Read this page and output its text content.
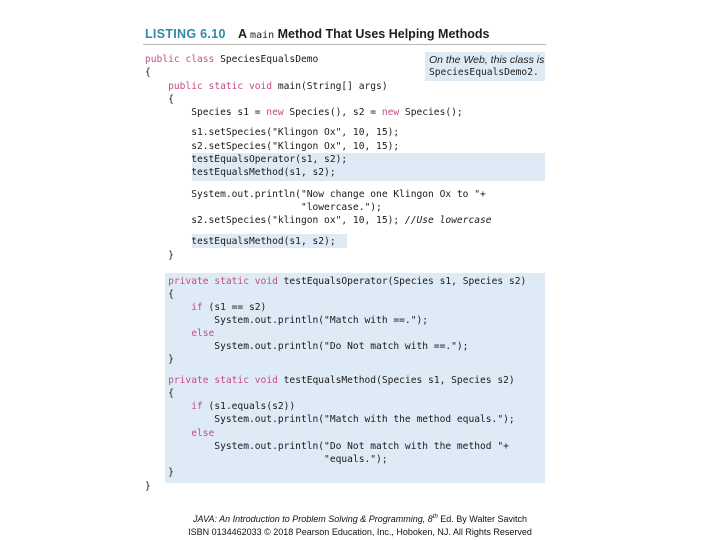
LISTING 6.10 A main Method That Uses Helping Methods
On the Web, this class is
SpeciesEqualsDemo2.
public class SpeciesEqualsDemo
{
public static void main(String[] args)
{
Species s1 = new Species(), s2 = new Species();
s1.setSpecies("Klingon Ox", 10, 15);
s2.setSpecies("Klingon Ox", 10, 15);
testEqualsOperator(s1, s2);
testEqualsMethod(s1, s2);
System.out.println("Now change one Klingon Ox to "+
"lowercase.");
s2.setSpecies("klingon ox", 10, 15); //Use lowercase
testEqualsMethod(s1, s2);
}
private static void testEqualsOperator(Species s1, Species s2)
{
if (s1 == s2)
System.out.println("Match with ==.");
else
System.out.println("Do Not match with ==.");
}
private static void testEqualsMethod(Species s1, Species s2)
{
if (s1.equals(s2))
System.out.println("Match with the method equals.");
else
System.out.println("Do Not match with the method "+
"equals.");
}
}
JAVA: An Introduction to Problem Solving & Programming, 8th Ed. By Walter Savitch
ISBN 0134462033 © 2018 Pearson Education, Inc., Hoboken, NJ. All Rights Reserved
